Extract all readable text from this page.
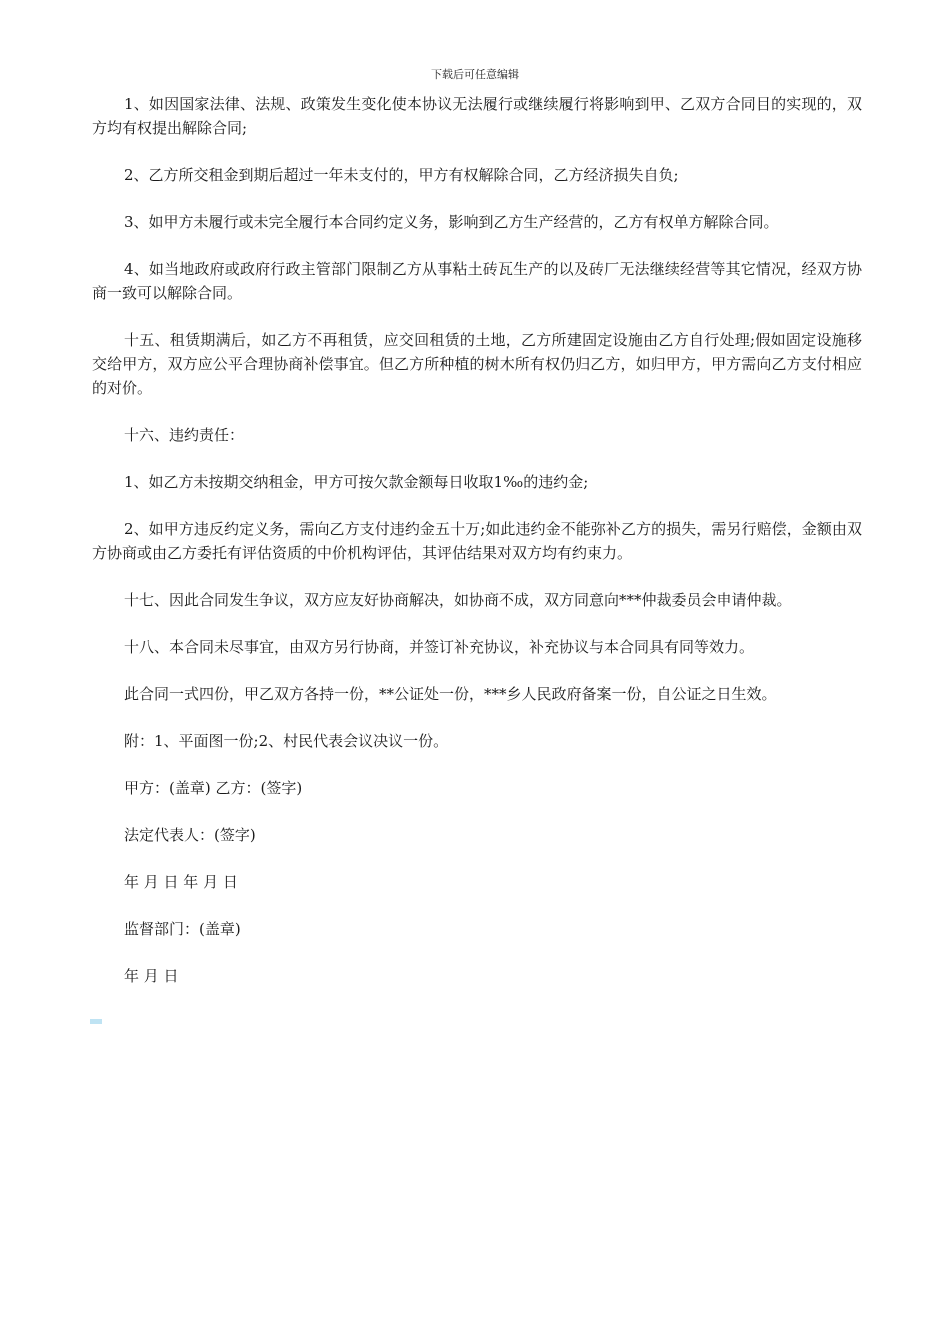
下载后可任意编辑

1、如因国家法律、法规、政策发生变化使本协议无法履行或继续履行将影响到甲、乙双方合同目的实现的，双方均有权提出解除合同;

2、乙方所交租金到期后超过一年未支付的，甲方有权解除合同，乙方经济损失自负;

3、如甲方未履行或未完全履行本合同约定义务，影响到乙方生产经营的，乙方有权单方解除合同。

4、如当地政府或政府行政主管部门限制乙方从事粘土砖瓦生产的以及砖厂无法继续经营等其它情况，经双方协商一致可以解除合同。

十五、租赁期满后，如乙方不再租赁，应交回租赁的土地，乙方所建固定设施由乙方自行处理;假如固定设施移交给甲方，双方应公平合理协商补偿事宜。但乙方所种植的树木所有权仍归乙方，如归甲方，甲方需向乙方支付相应的对价。

十六、违约责任：

1、如乙方未按期交纳租金，甲方可按欠款金额每日收取1‰的违约金;

2、如甲方违反约定义务，需向乙方支付违约金五十万;如此违约金不能弥补乙方的损失，需另行赔偿，金额由双方协商或由乙方委托有评估资质的中价机构评估，其评估结果对双方均有约束力。

十七、因此合同发生争议，双方应友好协商解决，如协商不成，双方同意向***仲裁委员会申请仲裁。

十八、本合同未尽事宜，由双方另行协商，并签订补充协议，补充协议与本合同具有同等效力。

此合同一式四份，甲乙双方各持一份，**公证处一份，***乡人民政府备案一份，自公证之日生效。

附：1、平面图一份;2、村民代表会议决议一份。

甲方：(盖章) 乙方：(签字)

法定代表人：(签字)

年 月 日 年 月 日

监督部门：(盖章)

年 月 日
